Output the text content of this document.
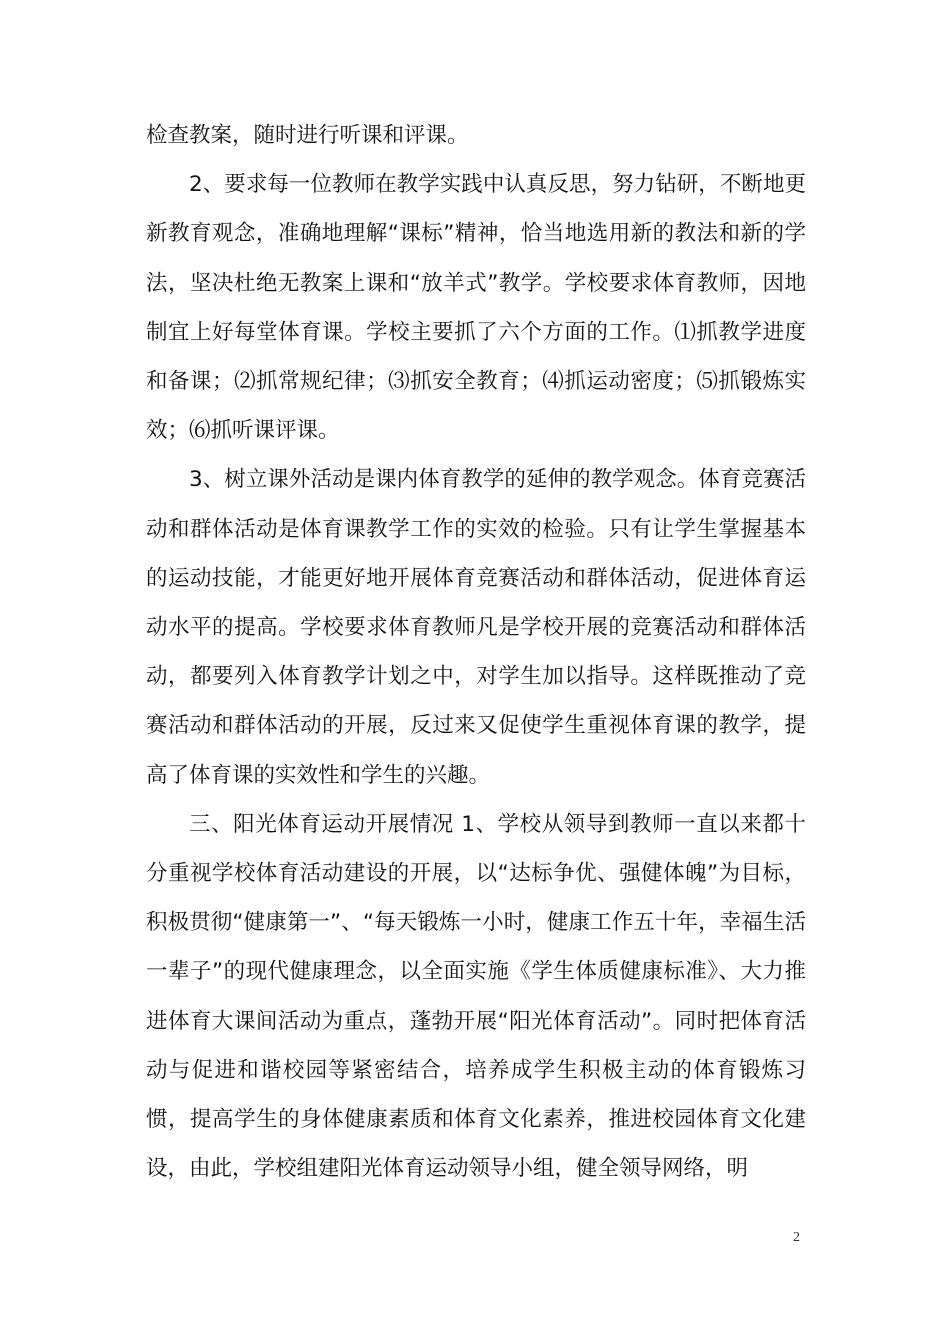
检查教案，随时进行听课和评课。

2、要求每一位教师在教学实践中认真反思，努力钻研，不断地更新教育观念，准确地理解“课标”精神，恰当地选用新的教法和新的学法，坚决杜绝无教案上课和“放羊式”教学。学校要求体育教师，因地制宜上好每堂体育课。学校主要抓了六个方面的工作。⑴抓教学进度和备课；⑵抓常规纪律；⑶抓安全教育；⑷抓运动密度；⑸抓锻炼实效；⑹抓听课评课。

3、树立课外活动是课内体育教学的延伸的教学观念。体育竞赛活动和群体活动是体育课教学工作的实效的检验。只有让学生掌握基本的运动技能，才能更好地开展体育竞赛活动和群体活动，促进体育运动水平的提高。学校要求体育教师凡是学校开展的竞赛活动和群体活动，都要列入体育教学计划之中，对学生加以指导。这样既推动了竞赛活动和群体活动的开展，反过来又促使学生重视体育课的教学，提高了体育课的实效性和学生的兴趣。

三、阳光体育运动开展情况 1、学校从领导到教师一直以来都十分重视学校体育活动建设的开展，以“达标争优、强健体魄”为目标，积极贯彻“健康第一”、“每天锻炼一小时，健康工作五十年，幸福生活一辈子”的现代健康理念，以全面实施《学生体质健康标准》、大力推进体育大课间活动为重点，蓬勃开展“阳光体育活动”。同时把体育活动与促进和谐校园等紧密结合，培养成学生积极主动的体育锻炼习惯，提高学生的身体健康素质和体育文化素养，推进校园体育文化建设，由此，学校组建阳光体育运动领导小组，健全领导网络，明

2
